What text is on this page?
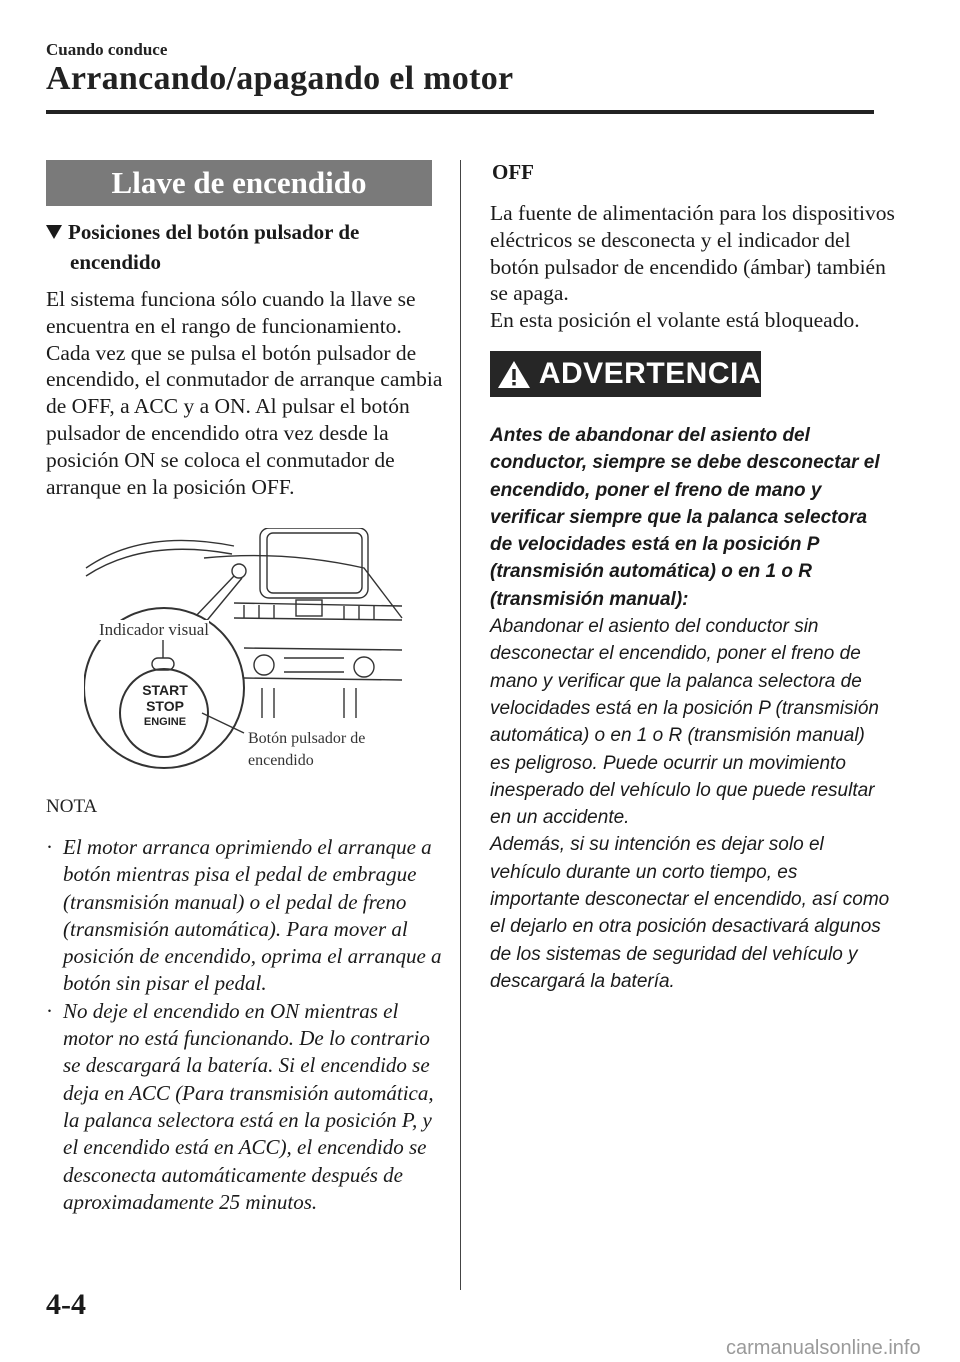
Cuando conduce
Arrancando/apagando el motor
Llave de encendido
Posiciones del botón pulsador de
encendido
El sistema funciona sólo cuando la llave se encuentra en el rango de funcionamiento. Cada vez que se pulsa el botón pulsador de encendido, el conmutador de arranque cambia de OFF, a ACC y a ON. Al pulsar el botón pulsador de encendido otra vez desde la posición ON se coloca el conmutador de arranque en la posición OFF.
Indicador visual
START
STOP
ENGINE
Botón pulsador de
encendido
NOTA
· El motor arranca oprimiendo el arranque a botón mientras pisa el pedal de embrague (transmisión manual) o el pedal de freno (transmisión automática). Para mover al posición de encendido, oprima el arranque a botón sin pisar el pedal.
· No deje el encendido en ON mientras el motor no está funcionando. De lo contrario se descargará la batería. Si el encendido se deja en ACC (Para transmisión automática, la palanca selectora está en la posición P, y el encendido está en ACC), el encendido se desconecta automáticamente después de aproximadamente 25 minutos.
OFF
La fuente de alimentación para los dispositivos eléctricos se desconecta y el indicador del botón pulsador de encendido (ámbar) también se apaga.
En esta posición el volante está bloqueado.
ADVERTENCIA
Antes de abandonar del asiento del conductor, siempre se debe desconectar el encendido, poner el freno de mano y verificar siempre que la palanca selectora de velocidades está en la posición P (transmisión automática) o en 1 o R (transmisión manual):
Abandonar el asiento del conductor sin desconectar el encendido, poner el freno de mano y verificar que la palanca selectora de velocidades está en la posición P (transmisión automática) o en 1 o R (transmisión manual) es peligroso. Puede ocurrir un movimiento inesperado del vehículo lo que puede resultar en un accidente.
Además, si su intención es dejar solo el vehículo durante un corto tiempo, es importante desconectar el encendido, así como el dejarlo en otra posición desactivará algunos de los sistemas de seguridad del vehículo y descargará la batería.
4-4
carmanualsonline.info
